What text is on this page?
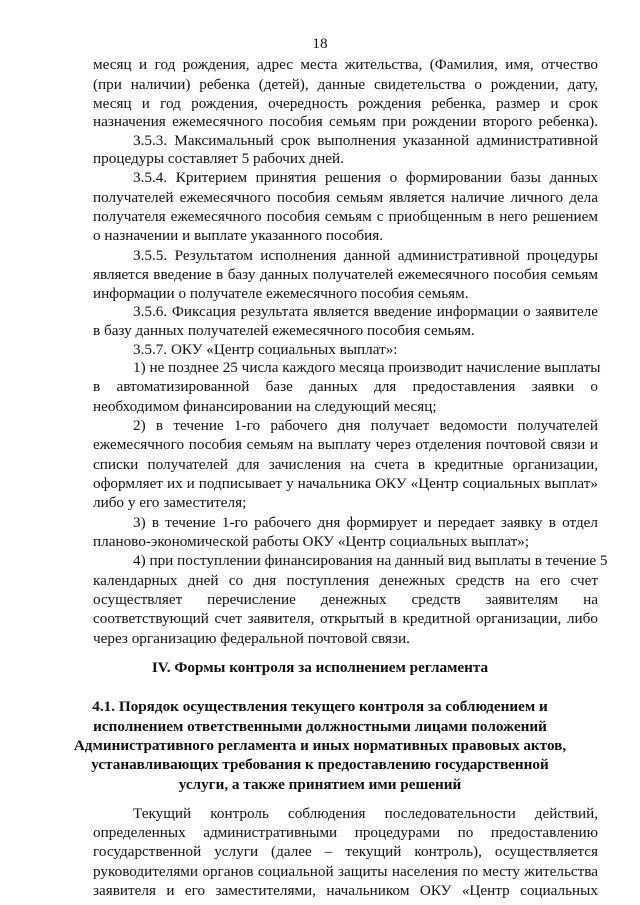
18
месяц и год рождения, адрес места жительства, (Фамилия, имя, отчество
(при наличии) ребенка (детей), данные свидетельства о рождении, дату,
месяц и год рождения, очередность рождения ребенка, размер и срок
назначения ежемесячного пособия семьям при рождении второго ребенка).
3.5.3. Максимальный срок выполнения указанной административной
процедуры составляет 5 рабочих дней.
3.5.4. Критерием принятия решения о формировании базы данных
получателей ежемесячного пособия семьям является наличие личного дела
получателя ежемесячного пособия семьям с приобщенным в него решением
о назначении и выплате указанного пособия.
3.5.5. Результатом исполнения данной административной процедуры
является введение в базу данных получателей ежемесячного пособия семьям
информации о получателе ежемесячного пособия семьям.
3.5.6. Фиксация результата является введение информации о заявителе
в базу данных получателей ежемесячного пособия семьям.
3.5.7. ОКУ «Центр социальных выплат»:
1) не позднее 25 числа каждого месяца производит начисление выплаты
в автоматизированной базе данных для предоставления заявки о
необходимом финансировании на следующий месяц;
2) в течение 1-го рабочего дня получает ведомости получателей
ежемесячного пособия семьям на выплату через отделения почтовой связи и
списки получателей для зачисления на счета в кредитные организации,
оформляет их и подписывает у начальника ОКУ «Центр социальных выплат»
либо у его заместителя;
3) в течение 1-го рабочего дня формирует и передает заявку в отдел
планово-экономической работы ОКУ «Центр социальных выплат»;
4) при поступлении финансирования на данный вид выплаты в течение 5
календарных дней со дня поступления денежных средств на его счет
осуществляет перечисление денежных средств заявителям на
соответствующий счет заявителя, открытый в кредитной организации, либо
через организацию федеральной почтовой связи.
IV. Формы контроля за исполнением регламента
4.1. Порядок осуществления текущего контроля за соблюдением и
исполнением ответственными должностными лицами положений
Административного регламента и иных нормативных правовых актов,
устанавливающих требования к предоставлению государственной
услуги, а также принятием ими решений
Текущий контроль соблюдения последовательности действий,
определенных административными процедурами по предоставлению
государственной услуги (далее – текущий контроль), осуществляется
руководителями органов социальной защиты населения по месту жительства
заявителя и его заместителями, начальником ОКУ «Центр социальных
